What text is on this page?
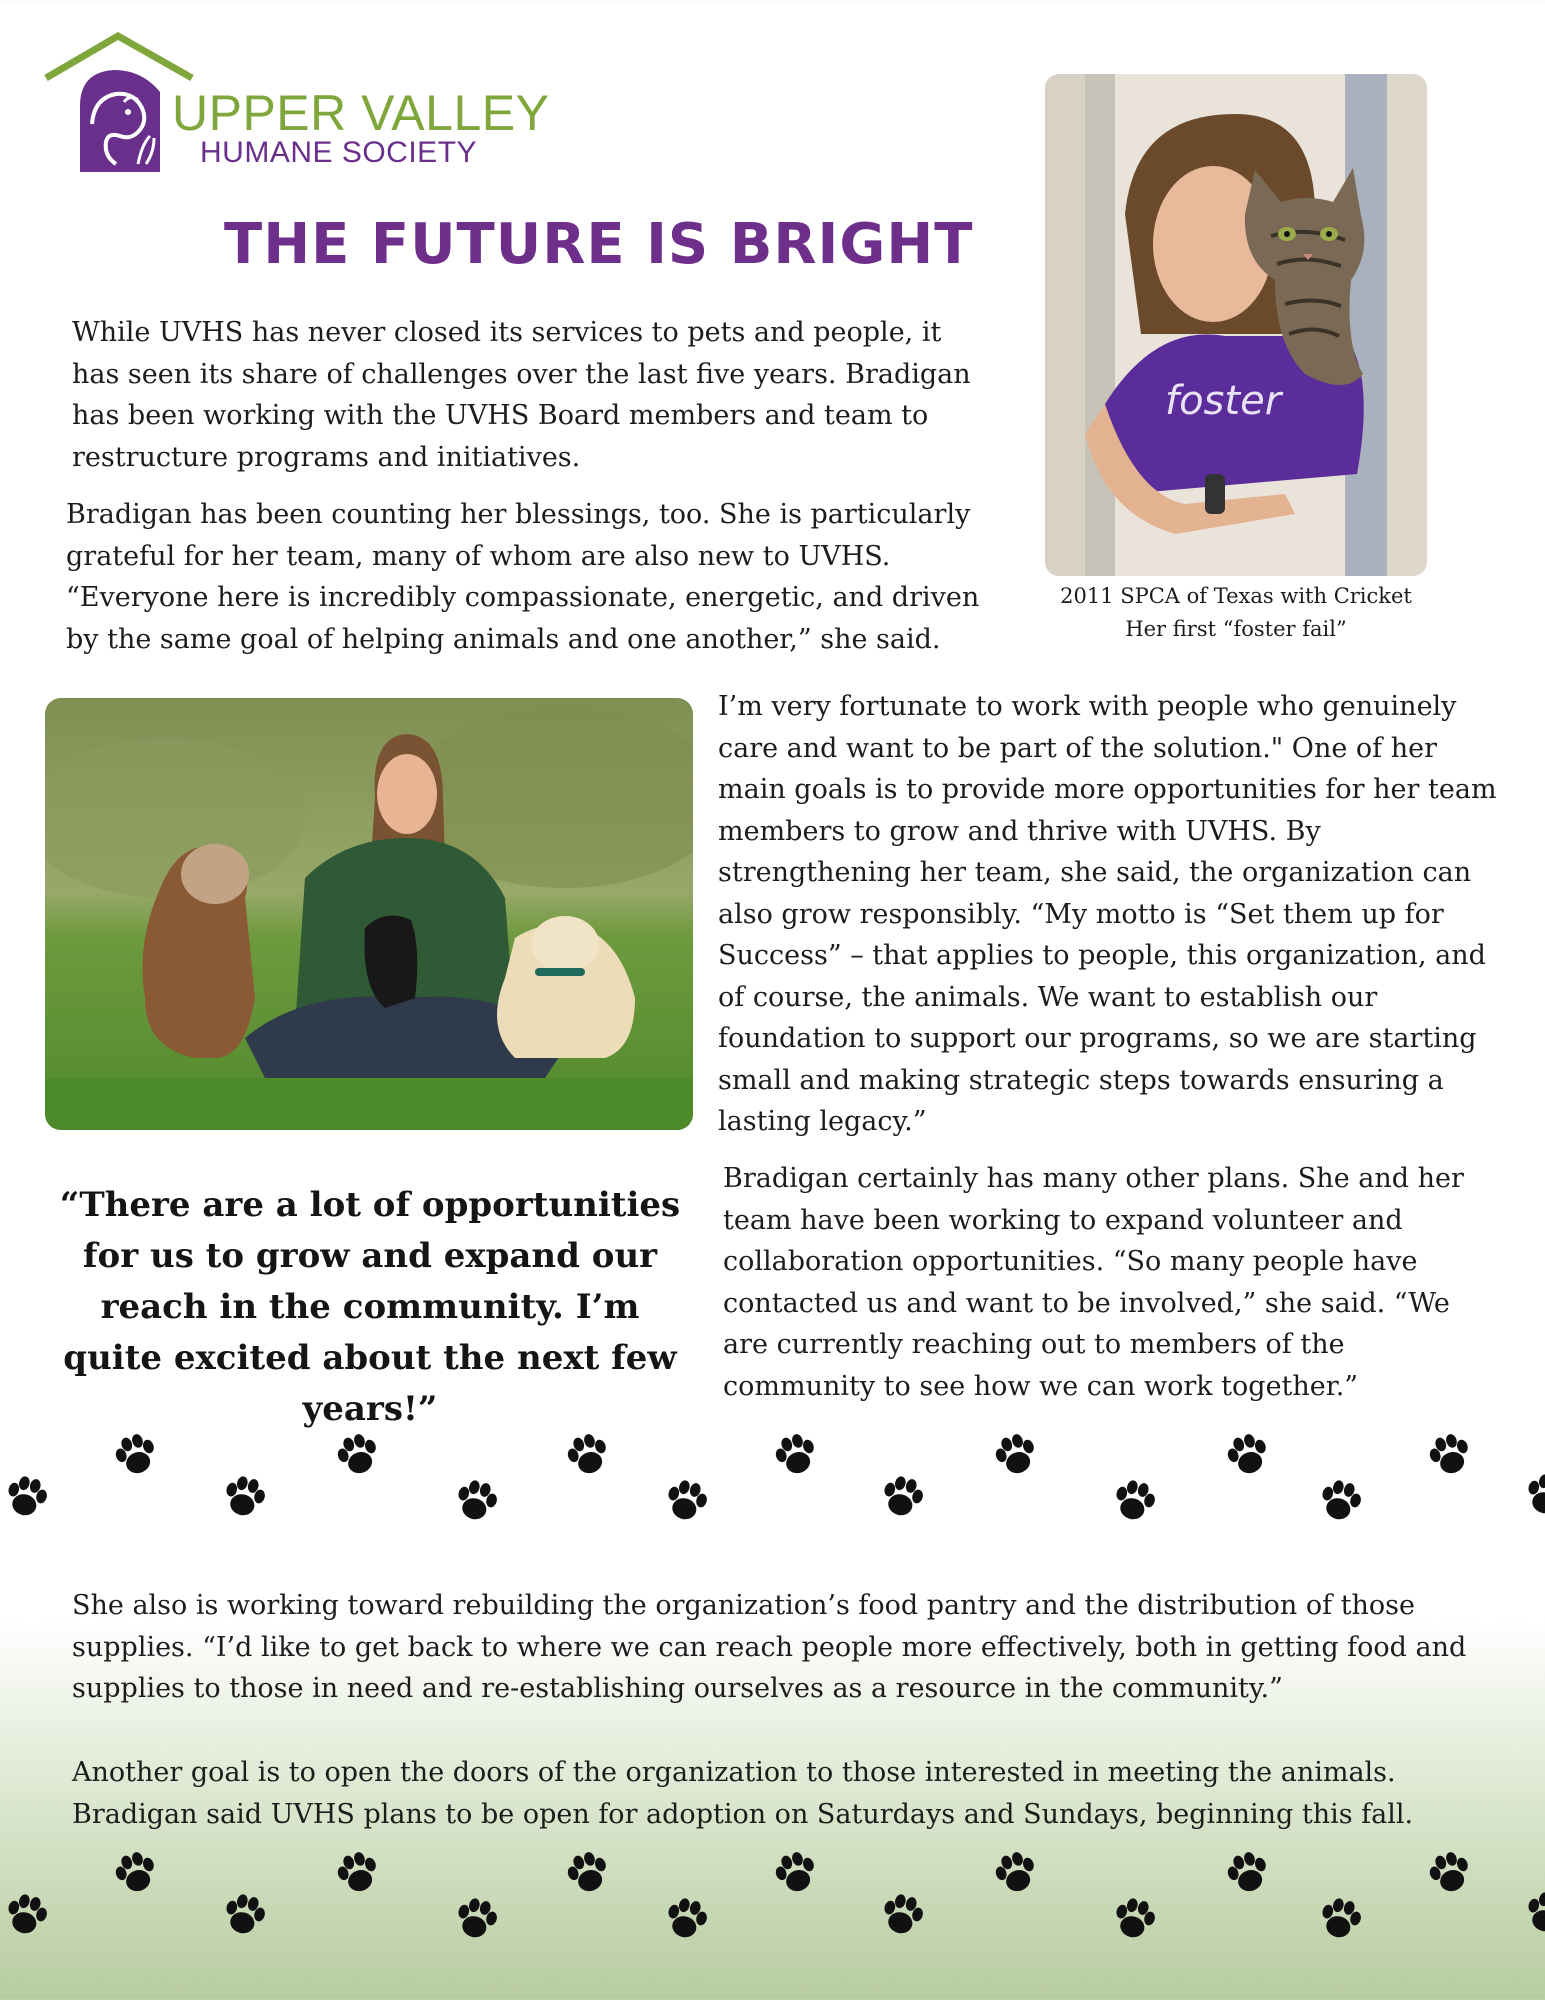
UPPER VALLEY
HUMANE SOCIETY
THE FUTURE IS BRIGHT

While UVHS has never closed its services to pets and people, it has seen its share of challenges over the last five years. Bradigan has been working with the UVHS Board members and team to restructure programs and initiatives.

Bradigan has been counting her blessings, too. She is particularly grateful for her team, many of whom are also new to UVHS. “Everyone here is incredibly compassionate, energetic, and driven by the same goal of helping animals and one another,” she said.

foster
2011 SPCA of Texas with Cricket
Her first “foster fail”

I’m very fortunate to work with people who genuinely care and want to be part of the solution." One of her main goals is to provide more opportunities for her team members to grow and thrive with UVHS. By strengthening her team, she said, the organization can also grow responsibly. “My motto is “Set them up for Success” – that applies to people, this organization, and of course, the animals. We want to establish our foundation to support our programs, so we are starting small and making strategic steps towards ensuring a lasting legacy.”

“There are a lot of opportunities for us to grow and expand our reach in the community. I’m quite excited about the next few years!”

Bradigan certainly has many other plans. She and her team have been working to expand volunteer and collaboration opportunities. “So many people have contacted us and want to be involved,” she said. “We are currently reaching out to members of the community to see how we can work together.”

She also is working toward rebuilding the organization’s food pantry and the distribution of those supplies. “I’d like to get back to where we can reach people more effectively, both in getting food and supplies to those in need and re-establishing ourselves as a resource in the community.”

Another goal is to open the doors of the organization to those interested in meeting the animals. Bradigan said UVHS plans to be open for adoption on Saturdays and Sundays, beginning this fall.
